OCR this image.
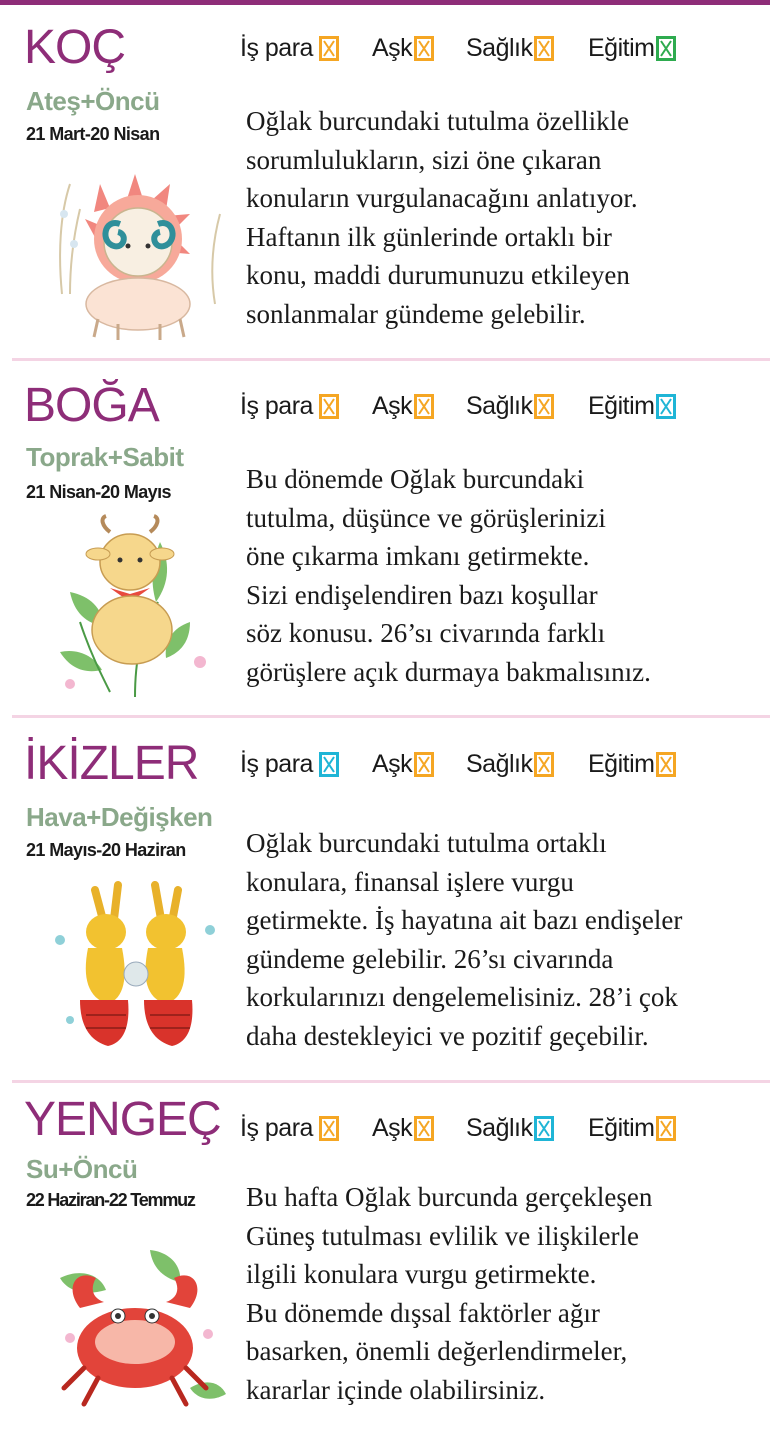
KOÇ
Ateş+Öncü
21 Mart-20 Nisan
İş para Aşk Sağlık Eğitim

Oğlak burcundaki tutulma özellikle
sorumlulukların, sizi öne çıkaran
konuların vurgulanacağını anlatıyor.
Haftanın ilk günlerinde ortaklı bir
konu, maddi durumunuzu etkileyen
sonlanmalar gündeme gelebilir.

BOĞA
Toprak+Sabit
21 Nisan-20 Mayıs
İş para Aşk Sağlık Eğitim

Bu dönemde Oğlak burcundaki
tutulma, düşünce ve görüşlerinizi
öne çıkarma imkanı getirmekte.
Sizi endişelendiren bazı koşullar
söz konusu. 26’sı civarında farklı
görüşlere açık durmaya bakmalısınız.

İKİZLER
Hava+Değişken
21 Mayıs-20 Haziran
İş para Aşk Sağlık Eğitim

Oğlak burcundaki tutulma ortaklı
konulara, finansal işlere vurgu
getirmekte. İş hayatına ait bazı endişeler
gündeme gelebilir. 26’sı civarında
korkularınızı dengelemelisiniz. 28’i çok
daha destekleyici ve pozitif geçebilir.

YENGEÇ
Su+Öncü
22 Haziran-22 Temmuz
İş para Aşk Sağlık Eğitim

Bu hafta Oğlak burcunda gerçekleşen
Güneş tutulması evlilik ve ilişkilerle
ilgili konulara vurgu getirmekte.
Bu dönemde dışsal faktörler ağır
basarken, önemli değerlendirmeler,
kararlar içinde olabilirsiniz.
